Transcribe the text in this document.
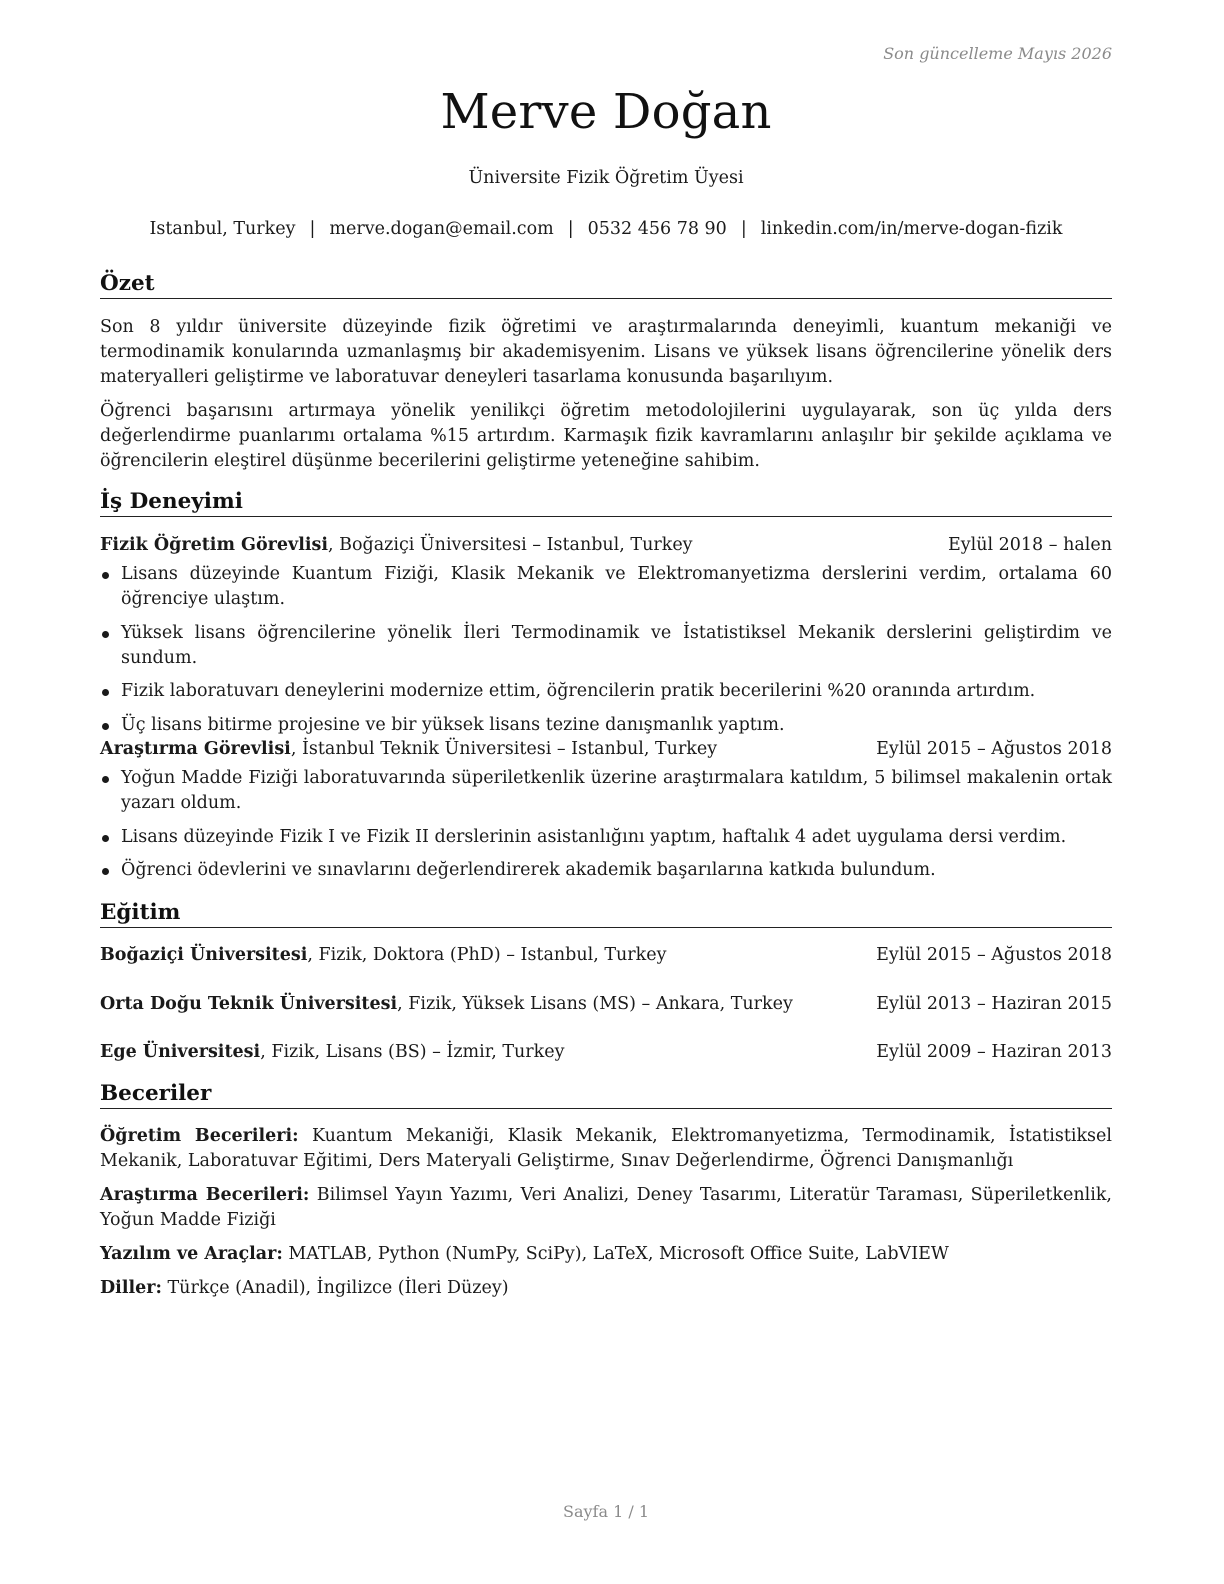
Son güncelleme Mayıs 2026
Merve Doğan
Üniversite Fizik Öğretim Üyesi
Istanbul, Turkey | merve.dogan@email.com | 0532 456 78 90 | linkedin.com/in/merve-dogan-fizik
Özet

Son 8 yıldır üniversite düzeyinde fizik öğretimi ve araştırmalarında deneyimli, kuantum mekaniği ve termodinamik konularında uzmanlaşmış bir akademisyenim. Lisans ve yüksek lisans öğrencilerine yönelik ders materyalleri geliştirme ve laboratuvar deneyleri tasarlama konusunda başarılıyım.

Öğrenci başarısını artırmaya yönelik yenilikçi öğretim metodolojilerini uygulayarak, son üç yılda ders değerlendirme puanlarımı ortalama %15 artırdım. Karmaşık fizik kavramlarını anlaşılır bir şekilde açıklama ve öğrencilerin eleştirel düşünme becerilerini geliştirme yeteneğine sahibim.

İş Deneyimi
Fizik Öğretim Görevlisi, Boğaziçi Üniversitesi – Istanbul, Turkey	Eylül 2018 – halen
Lisans düzeyinde Kuantum Fiziği, Klasik Mekanik ve Elektromanyetizma derslerini verdim, ortalama 60 öğrenciye ulaştım.
Yüksek lisans öğrencilerine yönelik İleri Termodinamik ve İstatistiksel Mekanik derslerini geliştirdim ve sundum.
Fizik laboratuvarı deneylerini modernize ettim, öğrencilerin pratik becerilerini %20 oranında artırdım.
Üç lisans bitirme projesine ve bir yüksek lisans tezine danışmanlık yaptım.
Araştırma Görevlisi, İstanbul Teknik Üniversitesi – Istanbul, Turkey	Eylül 2015 – Ağustos 2018
Yoğun Madde Fiziği laboratuvarında süperiletkenlik üzerine araştırmalara katıldım, 5 bilimsel makalenin ortak yazarı oldum.
Lisans düzeyinde Fizik I ve Fizik II derslerinin asistanlığını yaptım, haftalık 4 adet uygulama dersi verdim.
Öğrenci ödevlerini ve sınavlarını değerlendirerek akademik başarılarına katkıda bulundum.
Eğitim
Boğaziçi Üniversitesi, Fizik, Doktora (PhD) – Istanbul, Turkey	Eylül 2015 – Ağustos 2018
Orta Doğu Teknik Üniversitesi, Fizik, Yüksek Lisans (MS) – Ankara, Turkey	Eylül 2013 – Haziran 2015
Ege Üniversitesi, Fizik, Lisans (BS) – İzmir, Turkey	Eylül 2009 – Haziran 2013
Beceriler

Öğretim Becerileri: Kuantum Mekaniği, Klasik Mekanik, Elektromanyetizma, Termodinamik, İstatistiksel Mekanik, Laboratuvar Eğitimi, Ders Materyali Geliştirme, Sınav Değerlendirme, Öğrenci Danışmanlığı

Araştırma Becerileri: Bilimsel Yayın Yazımı, Veri Analizi, Deney Tasarımı, Literatür Taraması, Süperiletkenlik, Yoğun Madde Fiziği

Yazılım ve Araçlar: MATLAB, Python (NumPy, SciPy), LaTeX, Microsoft Office Suite, LabVIEW

Diller: Türkçe (Anadil), İngilizce (İleri Düzey)

Sayfa 1 / 1
